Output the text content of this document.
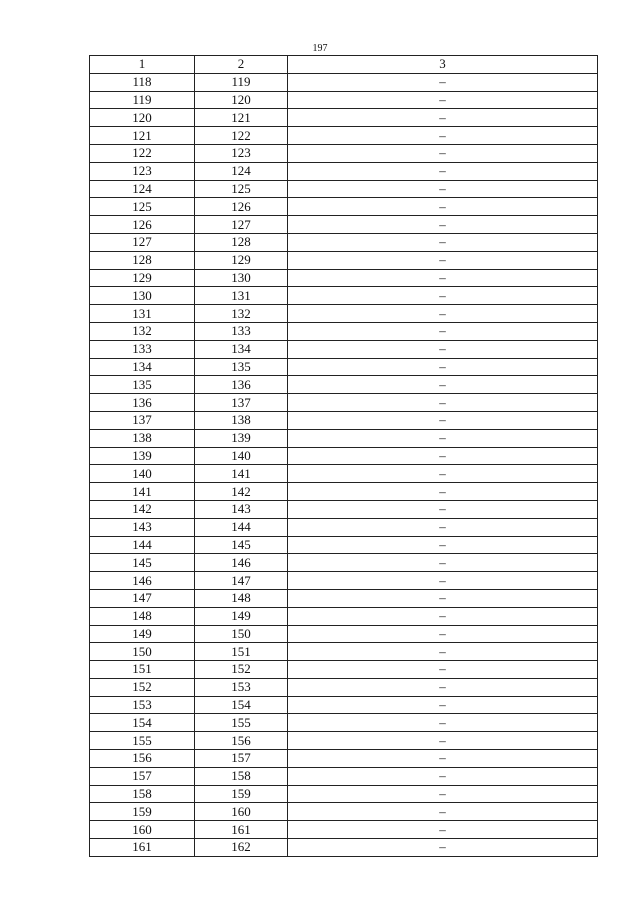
197
1	2	3
118	119	–
119	120	–
120	121	–
121	122	–
122	123	–
123	124	–
124	125	–
125	126	–
126	127	–
127	128	–
128	129	–
129	130	–
130	131	–
131	132	–
132	133	–
133	134	–
134	135	–
135	136	–
136	137	–
137	138	–
138	139	–
139	140	–
140	141	–
141	142	–
142	143	–
143	144	–
144	145	–
145	146	–
146	147	–
147	148	–
148	149	–
149	150	–
150	151	–
151	152	–
152	153	–
153	154	–
154	155	–
155	156	–
156	157	–
157	158	–
158	159	–
159	160	–
160	161	–
161	162	–
